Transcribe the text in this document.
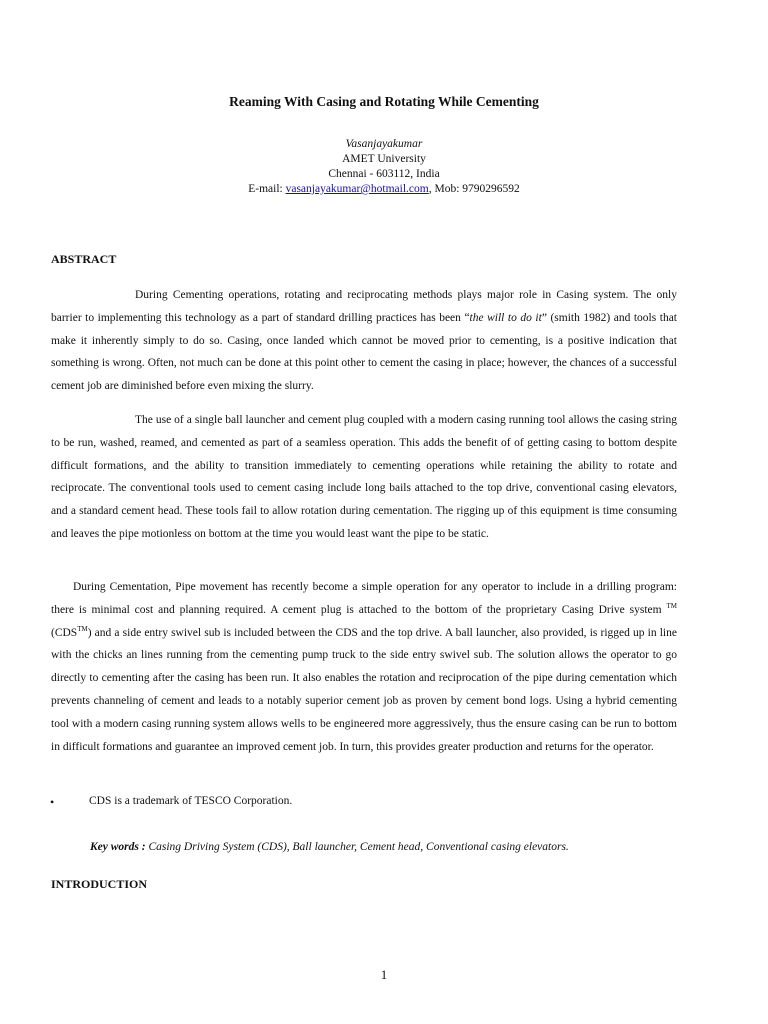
Reaming With Casing and Rotating While Cementing
Vasanjayakumar
AMET University
Chennai - 603112, India
E-mail: vasanjayakumar@hotmail.com, Mob: 9790296592
ABSTRACT

During Cementing operations, rotating and reciprocating methods plays major role in Casing system. The only barrier to implementing this technology as a part of standard drilling practices has been “the will to do it” (smith 1982) and tools that make it inherently simply to do so. Casing, once landed which cannot be moved prior to cementing, is a positive indication that something is wrong. Often, not much can be done at this point other to cement the casing in place; however, the chances of a successful cement job are diminished before even mixing the slurry.

The use of a single ball launcher and cement plug coupled with a modern casing running tool allows the casing string to be run, washed, reamed, and cemented as part of a seamless operation. This adds the benefit of of getting casing to bottom despite difficult formations, and the ability to transition immediately to cementing operations while retaining the ability to rotate and reciprocate. The conventional tools used to cement casing include long bails attached to the top drive, conventional casing elevators, and a standard cement head. These tools fail to allow rotation during cementation. The rigging up of this equipment is time consuming and leaves the pipe motionless on bottom at the time you would least want the pipe to be static.

During Cementation, Pipe movement has recently become a simple operation for any operator to include in a drilling program: there is minimal cost and planning required. A cement plug is attached to the bottom of the proprietary Casing Drive system ™ (CDS™) and a side entry swivel sub is included between the CDS and the top drive. A ball launcher, also provided, is rigged up in line with the chicks an lines running from the cementing pump truck to the side entry swivel sub. The solution allows the operator to go directly to cementing after the casing has been run. It also enables the rotation and reciprocation of the pipe during cementation which prevents channeling of cement and leads to a notably superior cement job as proven by cement bond logs. Using a hybrid cementing tool with a modern casing running system allows wells to be engineered more aggressively, thus the ensure casing can be run to bottom in difficult formations and guarantee an improved cement job. In turn, this provides greater production and returns for the operator.

•	CDS is a trademark of TESCO Corporation.
Key words : Casing Driving System (CDS), Ball launcher, Cement head, Conventional casing elevators.
INTRODUCTION
1
